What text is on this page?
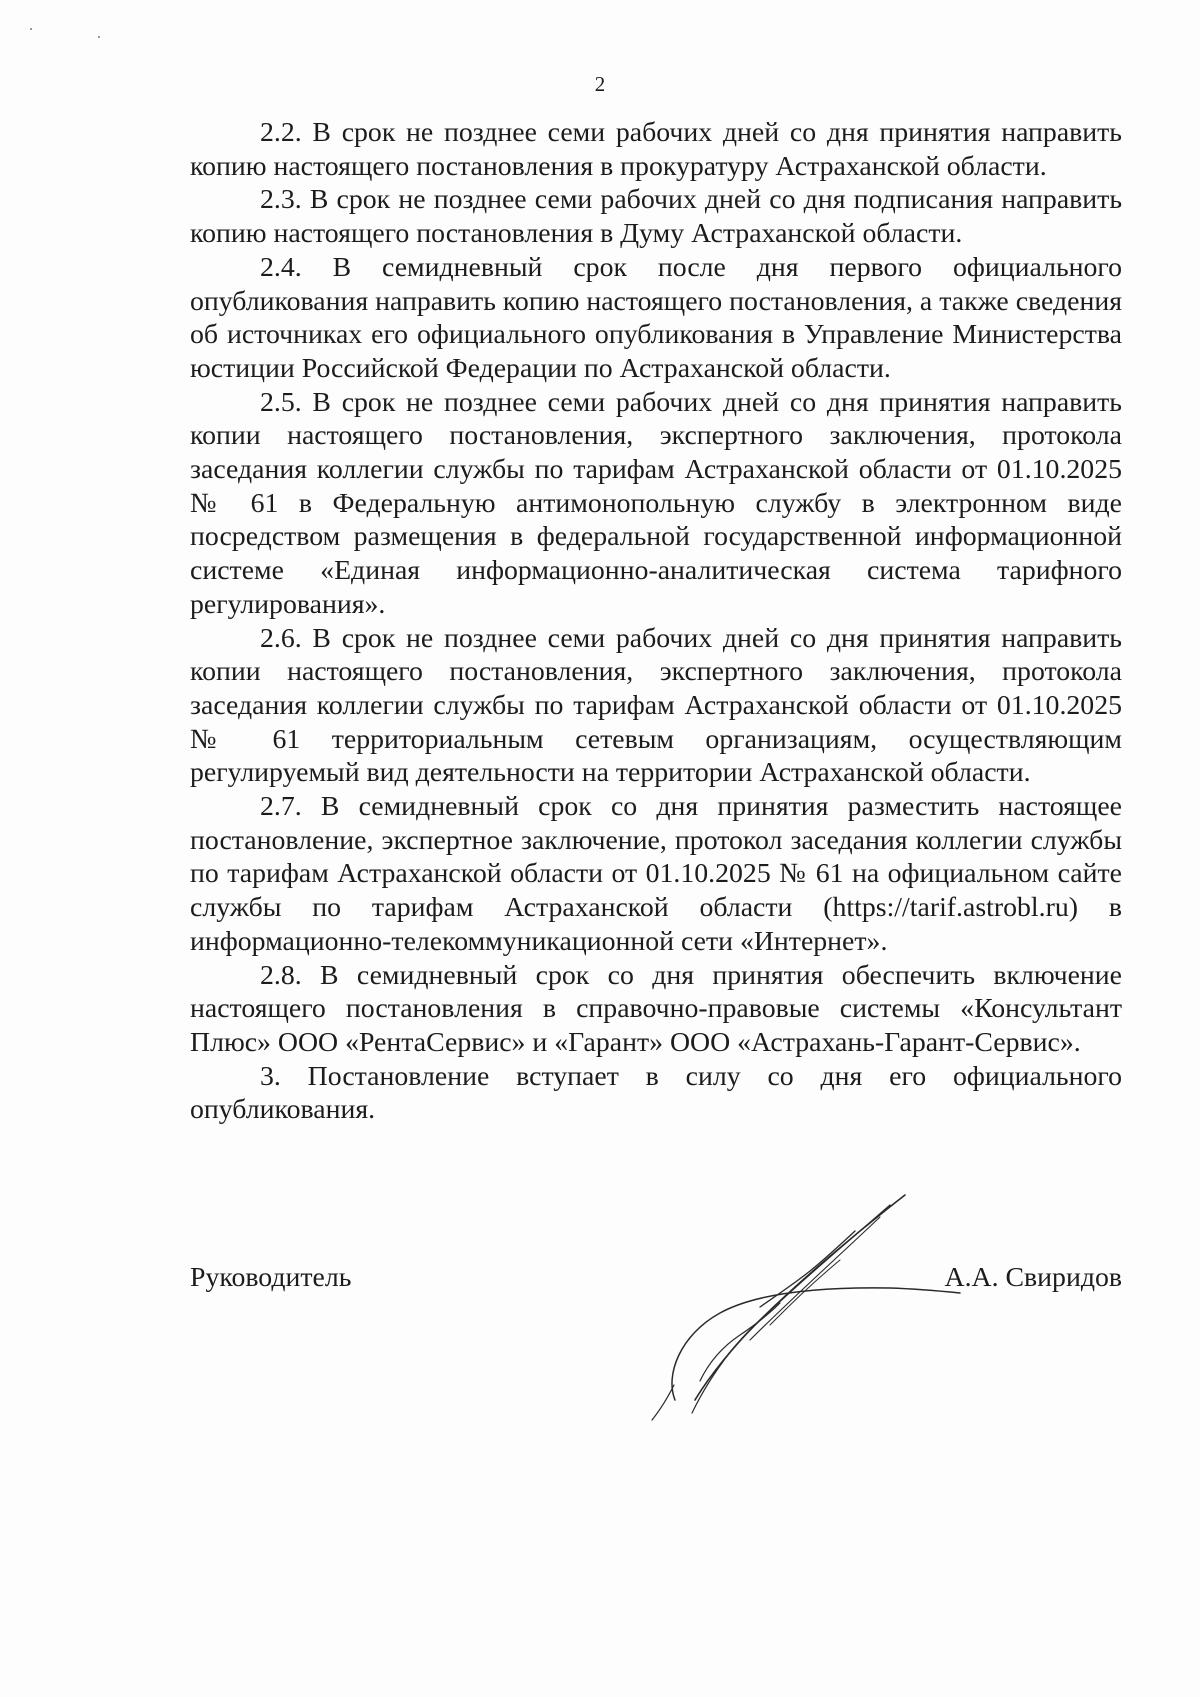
2

2.2. В срок не позднее семи рабочих дней со дня принятия направить копию настоящего постановления в прокуратуру Астраханской области.

2.3. В срок не позднее семи рабочих дней со дня подписания направить копию настоящего постановления в Думу Астраханской области.

2.4. В семидневный срок после дня первого официального опубликования направить копию настоящего постановления, а также сведения об источниках его официального опубликования в Управление Министерства юстиции Российской Федерации по Астраханской области.

2.5. В срок не позднее семи рабочих дней со дня принятия направить копии настоящего постановления, экспертного заключения, протокола заседания коллегии службы по тарифам Астраханской области от 01.10.2025 № 61 в Федеральную антимонопольную службу в электронном виде посредством размещения в федеральной государственной информационной системе «Единая информационно-аналитическая система тарифного регулирования».

2.6. В срок не позднее семи рабочих дней со дня принятия направить копии настоящего постановления, экспертного заключения, протокола заседания коллегии службы по тарифам Астраханской области от 01.10.2025 № 61 территориальным сетевым организациям, осуществляющим регулируемый вид деятельности на территории Астраханской области.

2.7. В семидневный срок со дня принятия разместить настоящее постановление, экспертное заключение, протокол заседания коллегии службы по тарифам Астраханской области от 01.10.2025 № 61 на официальном сайте службы по тарифам Астраханской области (https://tarif.astrobl.ru) в информационно-телекоммуникационной сети «Интернет».

2.8. В семидневный срок со дня принятия обеспечить включение настоящего постановления в справочно-правовые системы «Консультант Плюс» ООО «РентаСервис» и «Гарант» ООО «Астрахань-Гарант-Сервис».

3. Постановление вступает в силу со дня его официального опубликования.

Руководитель	А.А. Свиридов
